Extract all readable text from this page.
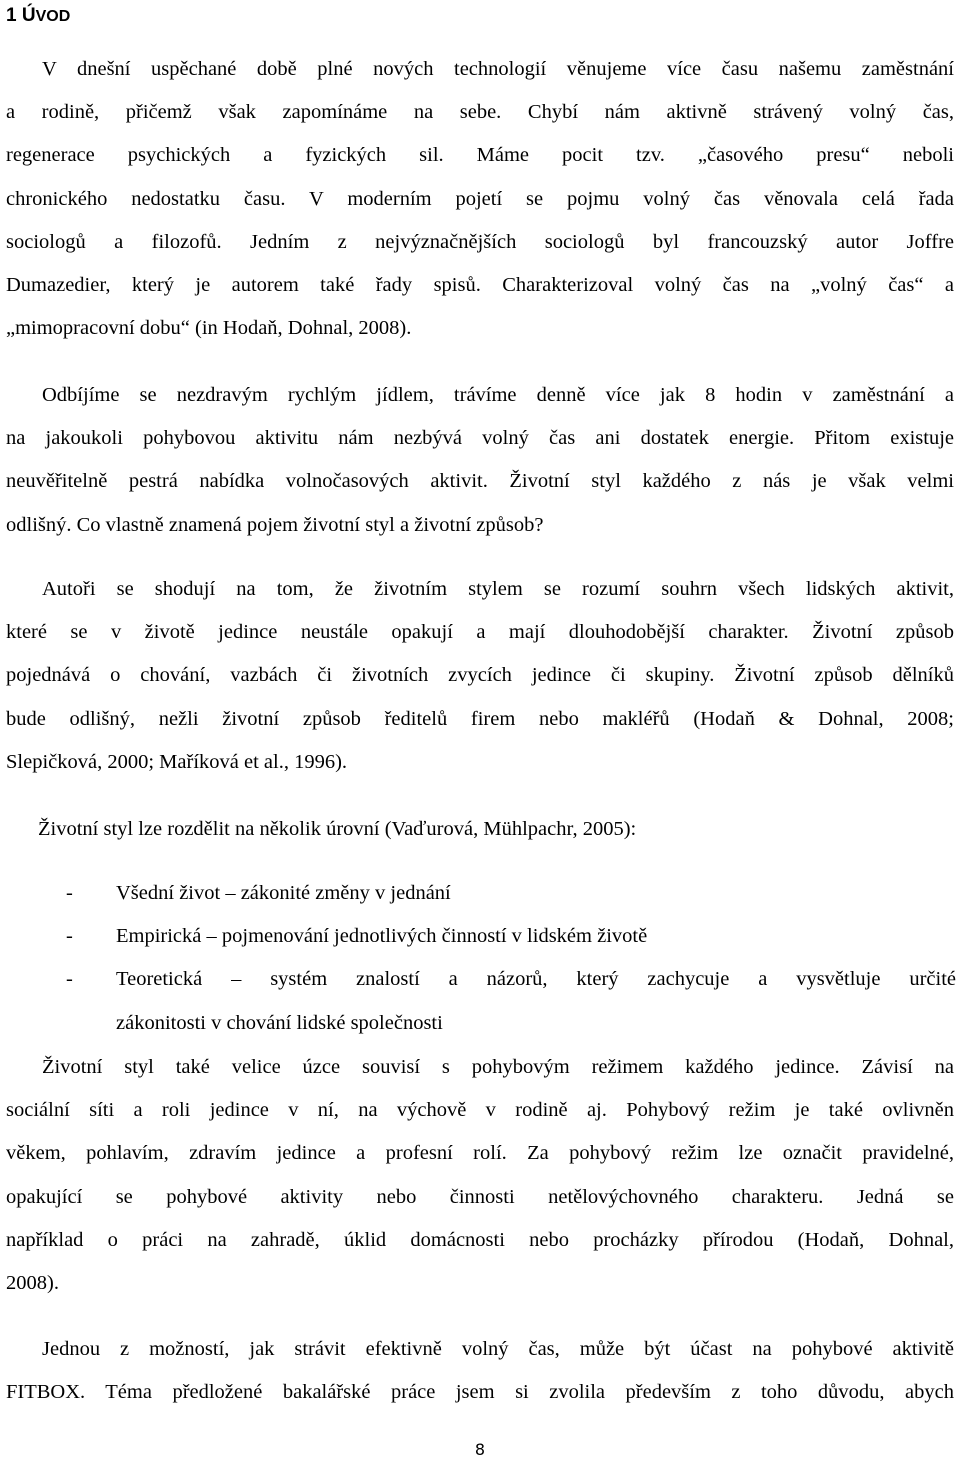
1 ÚVOD

V dnešní uspěchané době plné nových technologií věnujeme více času našemu zaměstnání
a rodině, přičemž však zapomínáme na sebe. Chybí nám aktivně strávený volný čas,
regenerace psychických a fyzických sil. Máme pocit tzv. „časového presu“ neboli
chronického nedostatku času. V moderním pojetí se pojmu volný čas věnovala celá řada
sociologů a filozofů. Jedním z nejvýznačnějších sociologů byl francouzský autor Joffre
Dumazedier, který je autorem také řady spisů. Charakterizoval volný čas na „volný čas“ a
„mimopracovní dobu“ (in Hodaň, Dohnal, 2008).

Odbíjíme se nezdravým rychlým jídlem, trávíme denně více jak 8 hodin v zaměstnání a
na jakoukoli pohybovou aktivitu nám nezbývá volný čas ani dostatek energie. Přitom existuje
neuvěřitelně pestrá nabídka volnočasových aktivit. Životní styl každého z nás je však velmi
odlišný. Co vlastně znamená pojem životní styl a životní způsob?

Autoři se shodují na tom, že životním stylem se rozumí souhrn všech lidských aktivit,
které se v životě jedince neustále opakují a mají dlouhodobější charakter. Životní způsob
pojednává o chování, vazbách či životních zvycích jedince či skupiny. Životní způsob dělníků
bude odlišný, nežli životní způsob ředitelů firem nebo makléřů (Hodaň & Dohnal, 2008;
Slepičková, 2000; Maříková et al., 1996).

Životní styl lze rozdělit na několik úrovní (Vaďurová, Mühlpachr, 2005):

- Všední život – zákonité změny v jednání
- Empirická – pojmenování jednotlivých činností v lidském životě
- Teoretická – systém znalostí a názorů, který zachycuje a vysvětluje určité
zákonitosti v chování lidské společnosti

Životní styl také velice úzce souvisí s pohybovým režimem každého jedince. Závisí na
sociální síti a roli jedince v ní, na výchově v rodině aj. Pohybový režim je také ovlivněn
věkem, pohlavím, zdravím jedince a profesní rolí. Za pohybový režim lze označit pravidelné,
opakující se pohybové aktivity nebo činnosti netělovýchovného charakteru. Jedná se
například o práci na zahradě, úklid domácnosti nebo procházky přírodou (Hodaň, Dohnal,
2008).

Jednou z možností, jak strávit efektivně volný čas, může být účast na pohybové aktivitě
FITBOX. Téma předložené bakalářské práce jsem si zvolila především z toho důvodu, abych

8
